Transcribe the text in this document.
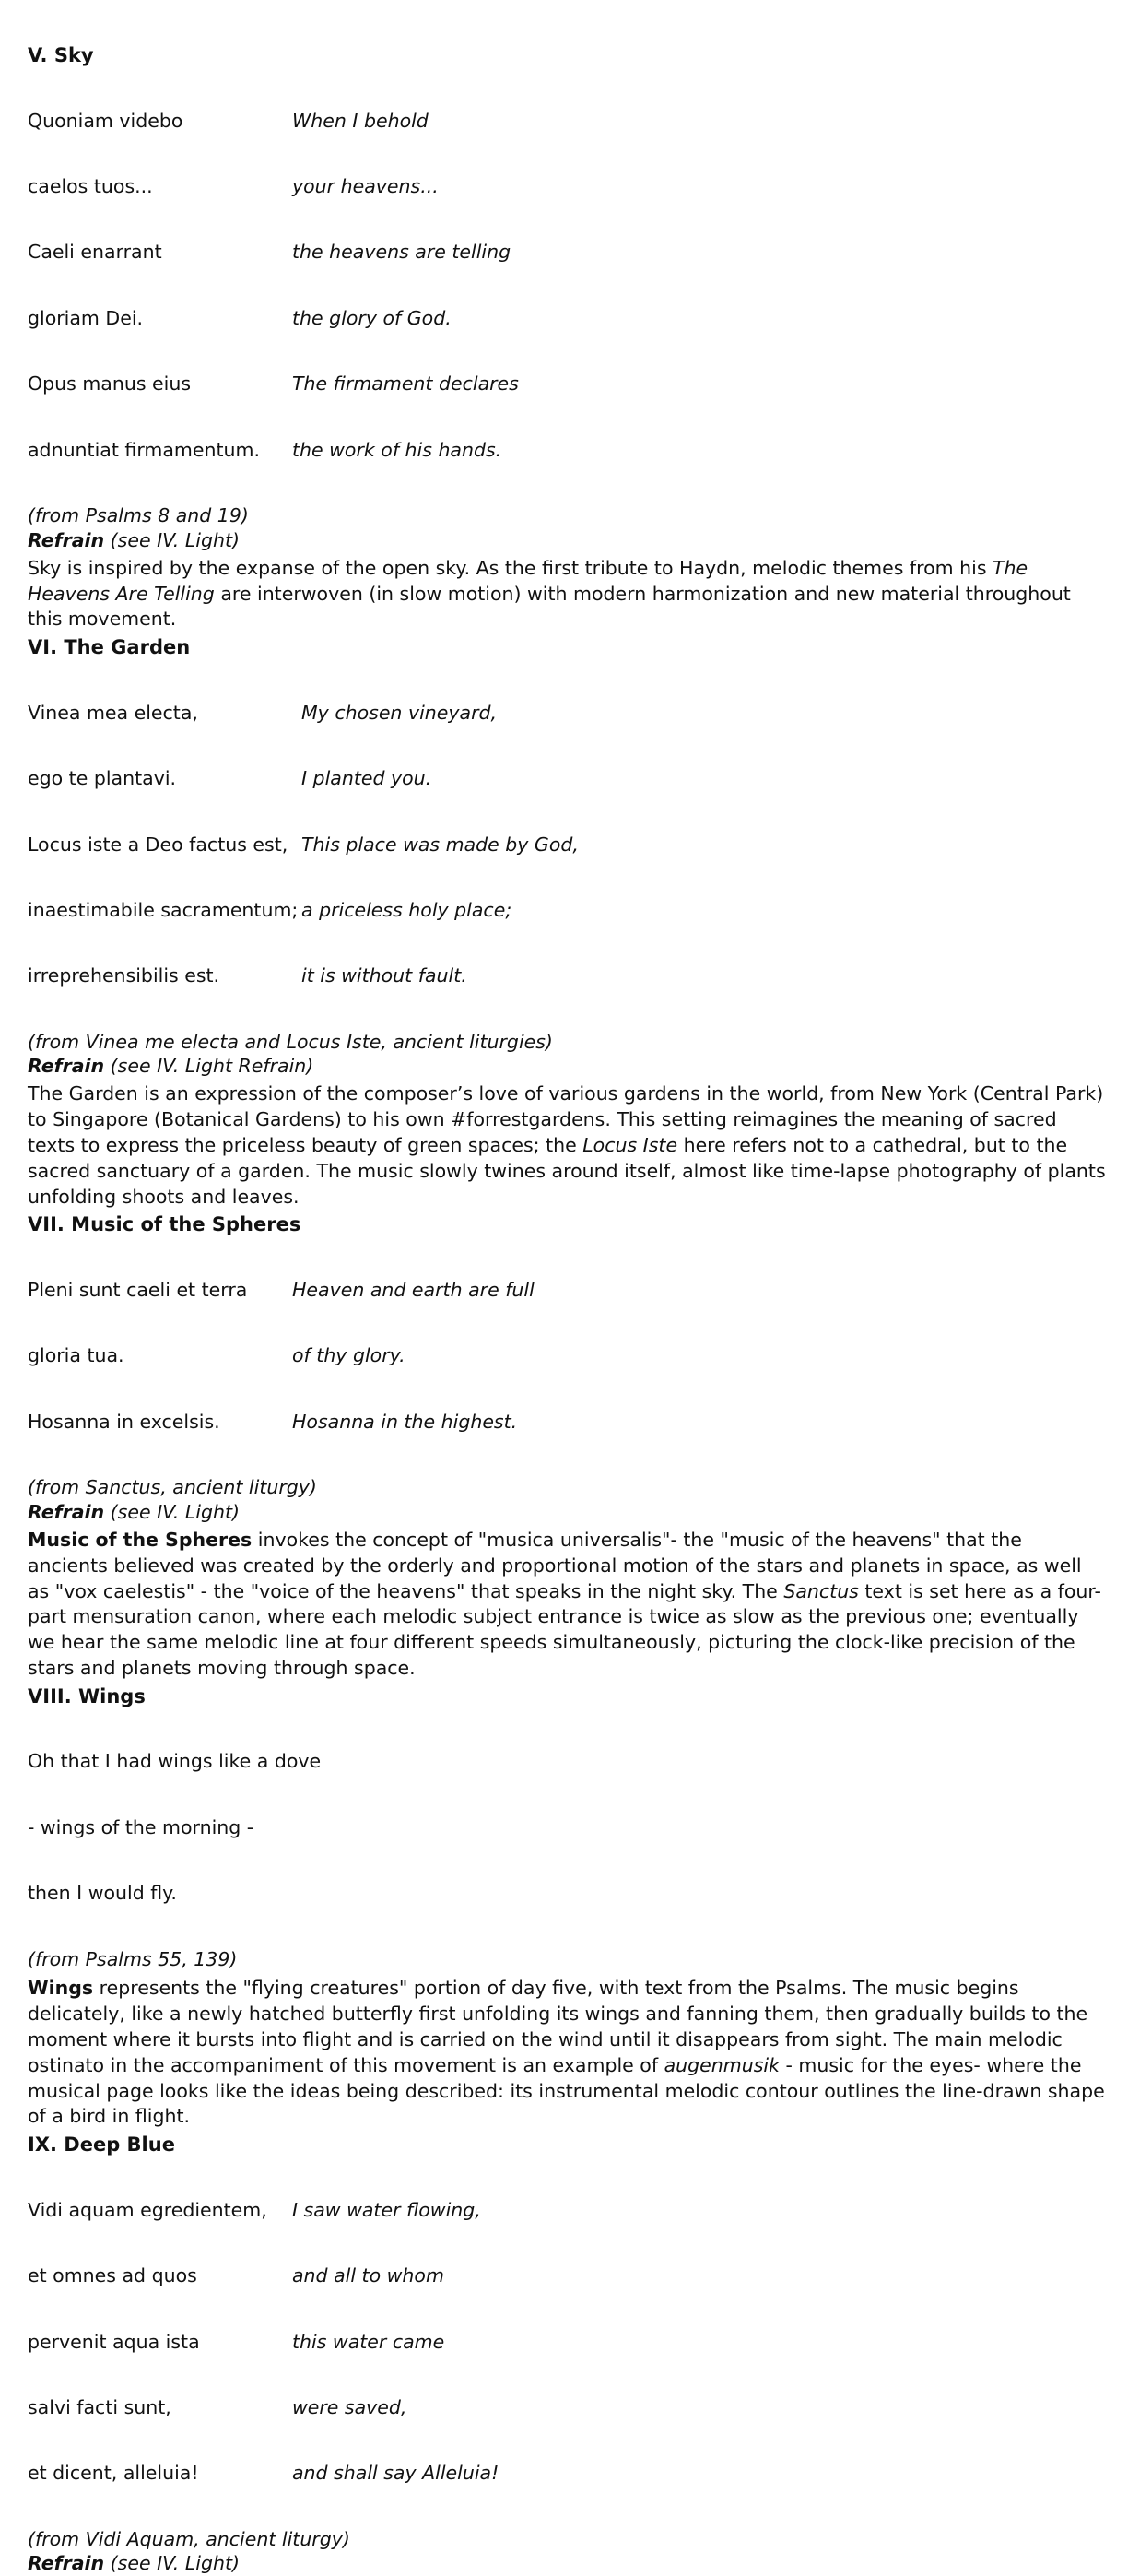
V. Sky

Quoniam videbo

caelos tuos...

Caeli enarrant

gloriam Dei.

Opus manus eius

adnuntiat firmamentum.

When I behold

your heavens...

the heavens are telling

the glory of God.

The firmament declares

the work of his hands.

(from Psalms 8 and 19)
Refrain (see IV. Light)
Sky is inspired by the expanse of the open sky. As the first tribute to Haydn, melodic themes from his The Heavens Are Telling are interwoven (in slow motion) with modern harmonization and new material throughout this movement.
VI. The Garden

Vinea mea electa,

ego te plantavi.

Locus iste a Deo factus est,

inaestimabile sacramentum;

irreprehensibilis est.

My chosen vineyard,

I planted you.

This place was made by God,

a priceless holy place;

it is without fault.

(from Vinea me electa and Locus Iste, ancient liturgies)
Refrain (see IV. Light Refrain)
The Garden is an expression of the composer’s love of various gardens in the world, from New York (Central Park) to Singapore (Botanical Gardens) to his own #forrestgardens. This setting reimagines the meaning of sacred texts to express the priceless beauty of green spaces; the Locus Iste here refers not to a cathedral, but to the sacred sanctuary of a garden. The music slowly twines around itself, almost like time-lapse photography of plants unfolding shoots and leaves.
VII. Music of the Spheres

Pleni sunt caeli et terra

gloria tua.

Hosanna in excelsis.

Heaven and earth are full

of thy glory.

Hosanna in the highest.

(from Sanctus, ancient liturgy)
Refrain (see IV. Light)
Music of the Spheres invokes the concept of "musica universalis"- the "music of the heavens" that the ancients believed was created by the orderly and proportional motion of the stars and planets in space, as well as "vox caelestis" - the "voice of the heavens" that speaks in the night sky. The Sanctus text is set here as a four-part mensuration canon, where each melodic subject entrance is twice as slow as the previous one; eventually we hear the same melodic line at four different speeds simultaneously, picturing the clock-like precision of the stars and planets moving through space.
VIII. Wings

Oh that I had wings like a dove

- wings of the morning -

then I would fly.

(from Psalms 55, 139)
Wings represents the "flying creatures" portion of day five, with text from the Psalms. The music begins delicately, like a newly hatched butterfly first unfolding its wings and fanning them, then gradually builds to the moment where it bursts into flight and is carried on the wind until it disappears from sight. The main melodic ostinato in the accompaniment of this movement is an example of augenmusik - music for the eyes- where the musical page looks like the ideas being described: its instrumental melodic contour outlines the line-drawn shape of a bird in flight.
IX. Deep Blue

Vidi aquam egredientem,

et omnes ad quos

pervenit aqua ista

salvi facti sunt,

et dicent, alleluia!

I saw water flowing,

and all to whom

this water came

were saved,

and shall say Alleluia!

(from Vidi Aquam, ancient liturgy)
Refrain (see IV. Light)
